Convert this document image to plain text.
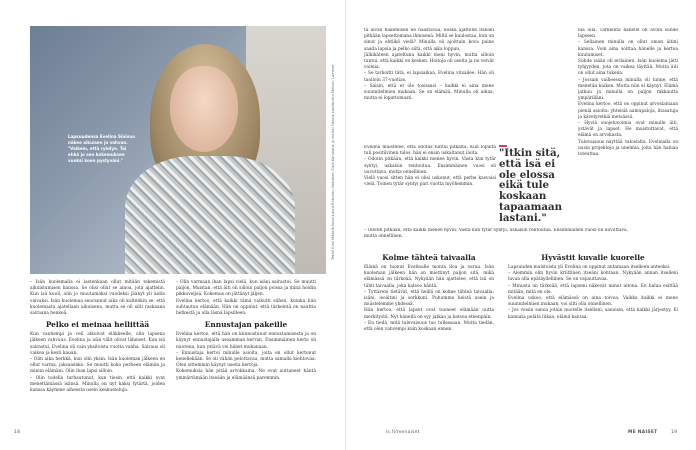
Lapsuudensa Evelina Sinivuo näkee aikuisen ja vahvan. "Vaikein, että ryhdyn. Tai ehkä jo sen kokemuksen vuoksi koen pystyväni."

– Isän kuolemalla ei lastenkaan ollut mitään tekemistä aikuistumisen kanssa. Se olisi ollut se ainoa, jota ajattelin. Kun isä kuoli, olin jo muutamaksi vuodeksi jäänyt yli äidin vaivaksi. Isän kuolemaa seurannut aika oli kuitenkin se, että kuolemasta ajatellaan aikuisena, mutta se oli silti raskaana sairaana henkeä.

Pelko ei meinaa hellittää

Kun vanhempi ja veli alkoivat eläkkeelle, olin lapsena jälkeen vahvuus. Evelina ja isän välit olivat läheiset. Kun isä sairastui, Evelina oli vain yksitoista vuotta vanha. Sairaus oli vaikea ja kesti kauan.

– Olin aika herkkä, kun olin yksin. Isän kuoleman jälkeen en ollut varma, jaksaisinko. Se muutti koko perheen elämän ja minun elämäni. Olin ihan lapsi silloin.

– Olin todella turhautunut, kun tiesin, että kaikki ovat menettämässä isänsä. Minulla on nyt kaksi tytärtä, joiden kanssa käymme aiheesta usein keskusteluja.

– Olin varmaan ihan lapsi vielä, kun isäni sairastui. Se muutti paljon. Muistan, että äiti oli silloin paljon poissa ja minä hoidin pikkuveljeä. Kokemus on jättänyt jäljen.

Evelina kertoo, että kaikki tämä vaikutti siihen, kuinka hän suhtautuu elämään. Hän on oppinut, että tärkeintä on nauttia hetkestä ja olla läsnä lapsilleen.

Ennustajan pakeille

Evelina kertoo, että hän on kiinnostunut ennustamisesta ja on käynyt ennustajalla useamman kerran. Ensimmäinen kerta oli nuorena, kun ystävä vei hänet mukanaan.

– Ennustaja kertoi minulle asioita, joita en ollut kertonut kenellekään. Se oli vähän pelottavaa, mutta samalla kiehtovaa. Olen sittemmin käynyt useita kertoja.

Kokemuksia hän pitää arvokkaina. Ne ovat auttaneet häntä ymmärtämään itseään ja elämäänsä paremmin.

Teksti Kirsi Mäkelä Kuva Laura Riikonen Vaatteet: Sisal Kampaus ja meikki Hanna Lundström Meikki: Lumene
18	is.fi/menaiset	ME NAISET	19

tä aivan hakemisen ne haastavaa, koska ajattelin itseäni pitkään lapsettomana ihmisenä. Miltä se kuulostaa, kun on sinut ja ehtiikö vielä? Minulla oli ajoittain kova paine saada lapsia ja pelko siitä, että aika loppuu.

Jälkikäteen ajateltuna kaikki meni hyvin, mutta silloin tuntui, että kaikki on kesken. Hoitoja oli useita ja ne veivät voimia.

– Se tarkoitti tätä, ei lapsiaikaa, Evelina vitsailee. Hän oli tuolloin 37-vuotias.

– Saisin, että et ole tosissasi – kaikki ei aina mene suunnitelmien mukaan. Se on elämää. Minulla oli aikaa, mutta ei loputtomasti.

Evelina muistelee, että odotus tuntui pitkältä. Kun lopulta tuli positiivinen tulos, hän ei ensin uskaltanut iloita.

– Odotin pitkään, että kaikki menee hyvin. Vasta kun tytär syntyi, uskalsin rentoutua. Ensimmäinen vuosi oli uuvuttava, mutta onnellinen.

Vielä vuosi sitten hän ei olisi uskonut, että perhe kasvaisi vielä. Toinen tytär syntyi pari vuotta myöhemmin.

"Itkin sitä, että isä ei ole elossa eikä tule koskaan tapaamaan lastani."

– Odotin pitkään, että kaikki menee hyvin. Vasta kun tytär syntyi, uskalsin rentoutua. Ensimmäinen vuosi oli uuvuttava, mutta onnellinen.

Kolme tähteä taivaalla

Elämä on tuonut Evelinalle monta iloa ja surua. Isän kuoleman jälkeen hän on miettinyt paljon sitä, mikä elämässä on tärkeää. Nykyään hän ajattelee, että isä on tähti taivaalla, joka katsoo häntä.

– Tyttäreni tietävät, että heillä on kolme tähteä taivaalla: isäni, isoäitini ja serkkuni. Puhumme heistä usein ja muistelemme yhdessä.

Hän kertoo, että lapset ovat tuoneet elämään uutta merkitystä. Nyt hänellä on syy jatkaa ja katsoa eteenpäin.

– En tiedä, mitä tulevaisuus tuo tullessaan. Mutta tiedän, että olen vahvempi kuin koskaan ennen.

lua olla. Tärkeintä hänelle on avoin suhde lapseen.

– Sellainen minulla on ollut oman äitini kanssa. Voin aina soittaa hänelle ja kertoa kuulumiset.

Suhde isään oli erilainen. Isän kuolema jätti tyhjyyden, jota on vaikea täyttää. Mutta äiti on ollut aina tukena.

– Jossain vaiheessa minulla oli tunne, että menetän kaiken. Mutta niin ei käynyt. Elämä jatkuu ja minulla on paljon rakkautta ympärilläni.

Evelina kertoo, että on oppinut arvostamaan pieniä asioita: yhteisiä aamupaloja, iltasatuja ja kävelyretkiä metsässä.

– Hyviä suojeluvoimia ovat minulle äiti, ystävät ja lapset. He muistuttavat, että elämä on arvokasta.

Tulevaisuus näyttää valoisalta. Evelinalla on uusia projekteja ja unelmia, joita hän haluaa toteuttaa.

Hyvästit kuvalle kuorelle

Lapsuuden muistoista yli Evelina on oppinut antamaan itselleen anteeksi.

– Aiemmin olin hyvin kriittinen itseäni kohtaan. Nykyään annan itselleni luvan olla epätäydellinen. Se on vapauttavaa.

– Minusta on tärkeää, että lapseni näkevät minut aitona. En halua esittää mitään, mitä en ole.

Evelina uskoo, että elämässä on aina toivoa. Vaikka kaikki ei mene suunnitelmien mukaan, voi silti olla onnellinen.

– Jos voisin sanoa jotain nuorelle itselleni, sanoisin, että kaikki järjestyy. Ei kannata pelätä liikaa, elämä kantaa.
